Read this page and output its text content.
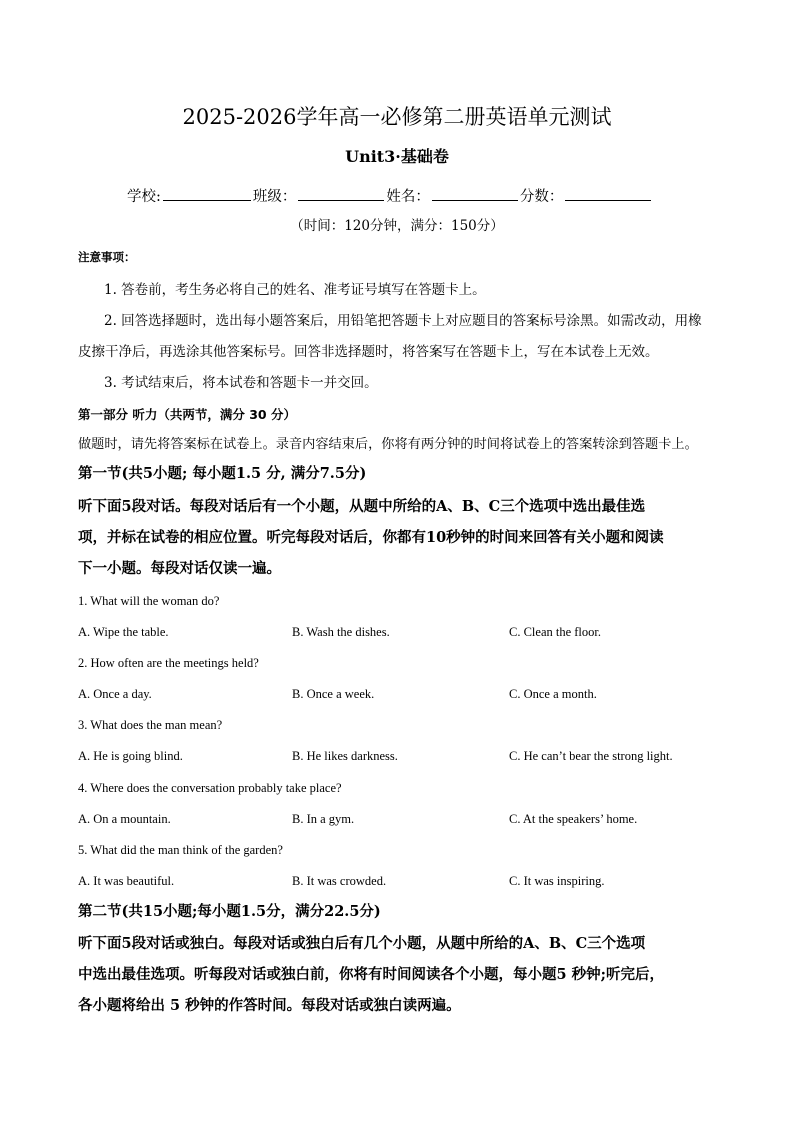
2025-2026学年高一必修第二册英语单元测试
Unit3·基础卷
学校:	班级：	姓名：	分数：
（时间：120分钟，满分：150分）
注意事项：
1. 答卷前，考生务必将自己的姓名、准考证号填写在答题卡上。
2. 回答选择题时，选出每小题答案后，用铅笔把答题卡上对应题目的答案标号涂黑。如需改动，用橡
皮擦干净后，再选涂其他答案标号。回答非选择题时，将答案写在答题卡上，写在本试卷上无效。
3. 考试结束后，将本试卷和答题卡一并交回。
第一部分 听力（共两节，满分 30 分）
做题时，请先将答案标在试卷上。录音内容结束后，你将有两分钟的时间将试卷上的答案转涂到答题卡上。
第一节(共5小题; 每小题1.5 分, 满分7.5分)
听下面5段对话。每段对话后有一个小题，从题中所给的A、B、C三个选项中选出最佳选
项，并标在试卷的相应位置。听完每段对话后，你都有10秒钟的时间来回答有关小题和阅读
下一小题。每段对话仅读一遍。
1. What will the woman do?
A. Wipe the table.	B. Wash the dishes.	C. Clean the floor.
2. How often are the meetings held?
A. Once a day.	B. Once a week.	C. Once a month.
3. What does the man mean?
A. He is going blind.	B. He likes darkness.	C. He can’t bear the strong light.
4. Where does the conversation probably take place?
A. On a mountain.	B. In a gym.	C. At the speakers’ home.
5. What did the man think of the garden?
A. It was beautiful.	B. It was crowded.	C. It was inspiring.
第二节(共15小题;每小题1.5分，满分22.5分)
听下面5段对话或独白。每段对话或独白后有几个小题，从题中所给的A、B、C三个选项
中选出最佳选项。听每段对话或独白前，你将有时间阅读各个小题，每小题5 秒钟;听完后，
各小题将给出 5 秒钟的作答时间。每段对话或独白读两遍。
